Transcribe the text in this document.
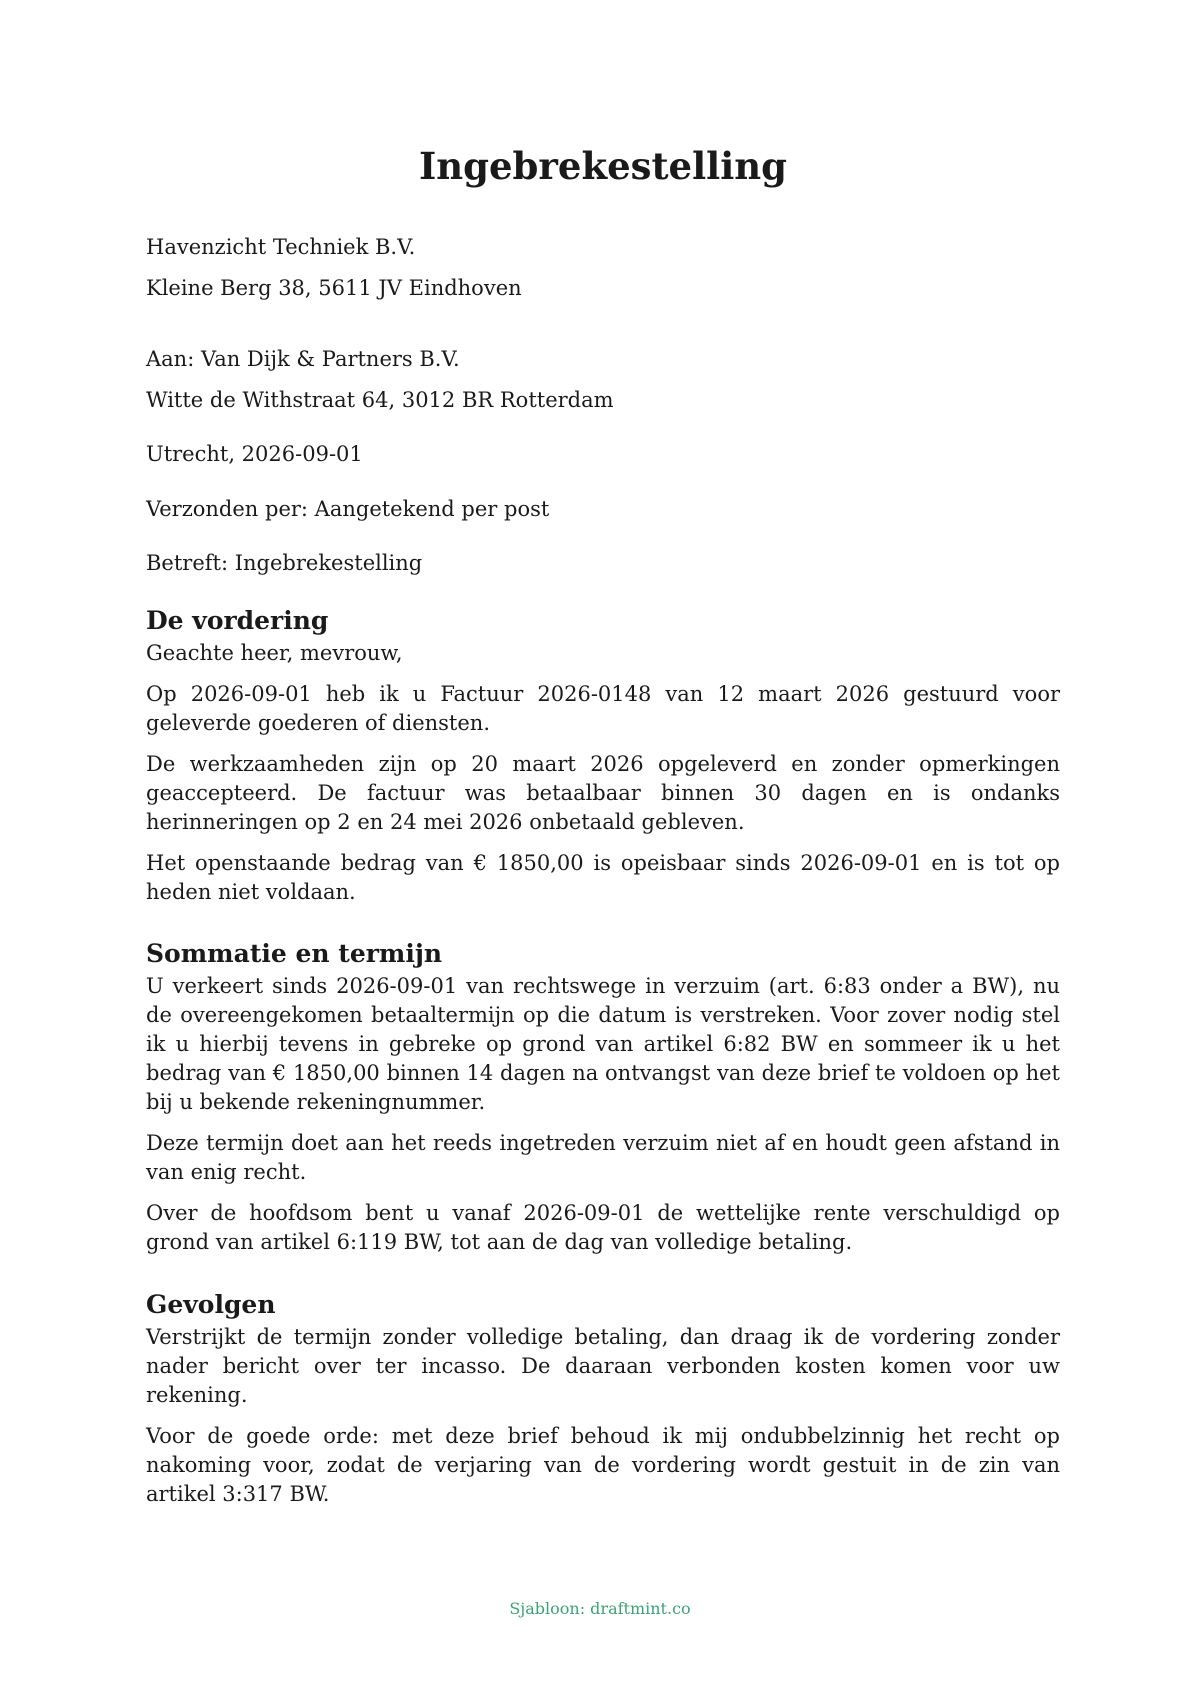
Ingebrekestelling
Havenzicht Techniek B.V.
Kleine Berg 38, 5611 JV Eindhoven
Aan: Van Dijk & Partners B.V.
Witte de Withstraat 64, 3012 BR Rotterdam
Utrecht, 2026-09-01
Verzonden per: Aangetekend per post
Betreft: Ingebrekestelling
De vordering

Geachte heer, mevrouw,

Op 2026-09-01 heb ik u Factuur 2026-0148 van 12 maart 2026 gestuurd voor geleverde goederen of diensten.

De werkzaamheden zijn op 20 maart 2026 opgeleverd en zonder opmerkingen geaccepteerd. De factuur was betaalbaar binnen 30 dagen en is ondanks herinneringen op 2 en 24 mei 2026 onbetaald gebleven.

Het openstaande bedrag van € 1850,00 is opeisbaar sinds 2026-09-01 en is tot op heden niet voldaan.

Sommatie en termijn

U verkeert sinds 2026-09-01 van rechtswege in verzuim (art. 6:83 onder a BW), nu de overeengekomen betaaltermijn op die datum is verstreken. Voor zover nodig stel ik u hierbij tevens in gebreke op grond van artikel 6:82 BW en sommeer ik u het bedrag van € 1850,00 binnen 14 dagen na ontvangst van deze brief te voldoen op het bij u bekende rekeningnummer.

Deze termijn doet aan het reeds ingetreden verzuim niet af en houdt geen afstand in van enig recht.

Over de hoofdsom bent u vanaf 2026-09-01 de wettelijke rente verschuldigd op grond van artikel 6:119 BW, tot aan de dag van volledige betaling.

Gevolgen

Verstrijkt de termijn zonder volledige betaling, dan draag ik de vordering zonder nader bericht over ter incasso. De daaraan verbonden kosten komen voor uw rekening.

Voor de goede orde: met deze brief behoud ik mij ondubbelzinnig het recht op nakoming voor, zodat de verjaring van de vordering wordt gestuit in de zin van artikel 3:317 BW.

Sjabloon: draftmint.co
